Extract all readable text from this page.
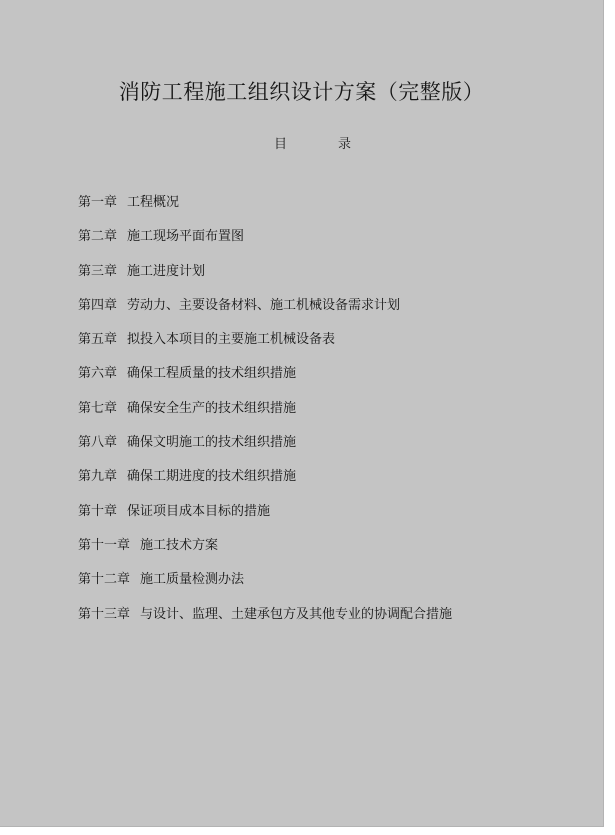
消防工程施工组织设计方案（完整版）
目	录
第一章 工程概况
第二章 施工现场平面布置图
第三章 施工进度计划
第四章 劳动力、主要设备材料、施工机械设备需求计划
第五章 拟投入本项目的主要施工机械设备表
第六章 确保工程质量的技术组织措施
第七章 确保安全生产的技术组织措施
第八章 确保文明施工的技术组织措施
第九章 确保工期进度的技术组织措施
第十章 保证项目成本目标的措施
第十一章 施工技术方案
第十二章 施工质量检测办法
第十三章 与设计、监理、土建承包方及其他专业的协调配合措施
